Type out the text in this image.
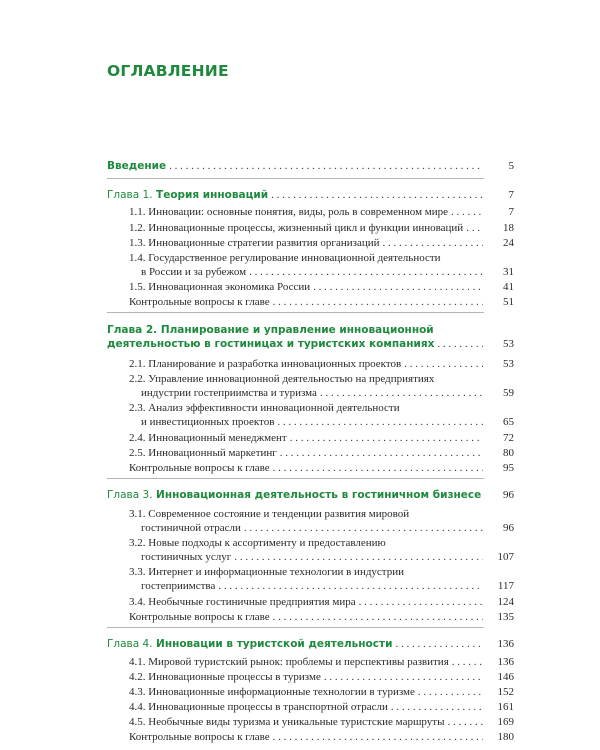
ОГЛАВЛЕНИЕ
Введение . . .	5
Глава 1. Теория инноваций . . .	7
1.1. Инновации: основные понятия, виды, роль в современном мире . . .	7
1.2. Инновационные процессы, жизненный цикл и функции инноваций . . .	18
1.3. Инновационные стратегии развития организаций . . .	24
1.4. Государственное регулирование инновационной деятельности
в России и за рубежом . . .	31
1.5. Инновационная экономика России . . .	41
Контрольные вопросы к главе . . .	51
Глава 2. Планирование и управление инновационной
деятельностью в гостиницах и туристских компаниях . . .	53
2.1. Планирование и разработка инновационных проектов . . .	53
2.2. Управление инновационной деятельностью на предприятиях
индустрии гостеприимства и туризма . . .	59
2.3. Анализ эффективности инновационной деятельности
и инвестиционных проектов . . .	65
2.4. Инновационный менеджмент . . .	72
2.5. Инновационный маркетинг . . .	80
Контрольные вопросы к главе . . .	95
Глава 3. Инновационная деятельность в гостиничном бизнесе	96
3.1. Современное состояние и тенденции развития мировой
гостиничной отрасли . . .	96
3.2. Новые подходы к ассортименту и предоставлению
гостиничных услуг . . .	107
3.3. Интернет и информационные технологии в индустрии
гостеприимства . . .	117
3.4. Необычные гостиничные предприятия мира . . .	124
Контрольные вопросы к главе . . .	135
Глава 4. Инновации в туристской деятельности . . .	136
4.1. Мировой туристский рынок: проблемы и перспективы развития . . .	136
4.2. Инновационные процессы в туризме . . .	146
4.3. Инновационные информационные технологии в туризме . . .	152
4.4. Инновационные процессы в транспортной отрасли . . .	161
4.5. Необычные виды туризма и уникальные туристские маршруты . . .	169
Контрольные вопросы к главе . . .	180
